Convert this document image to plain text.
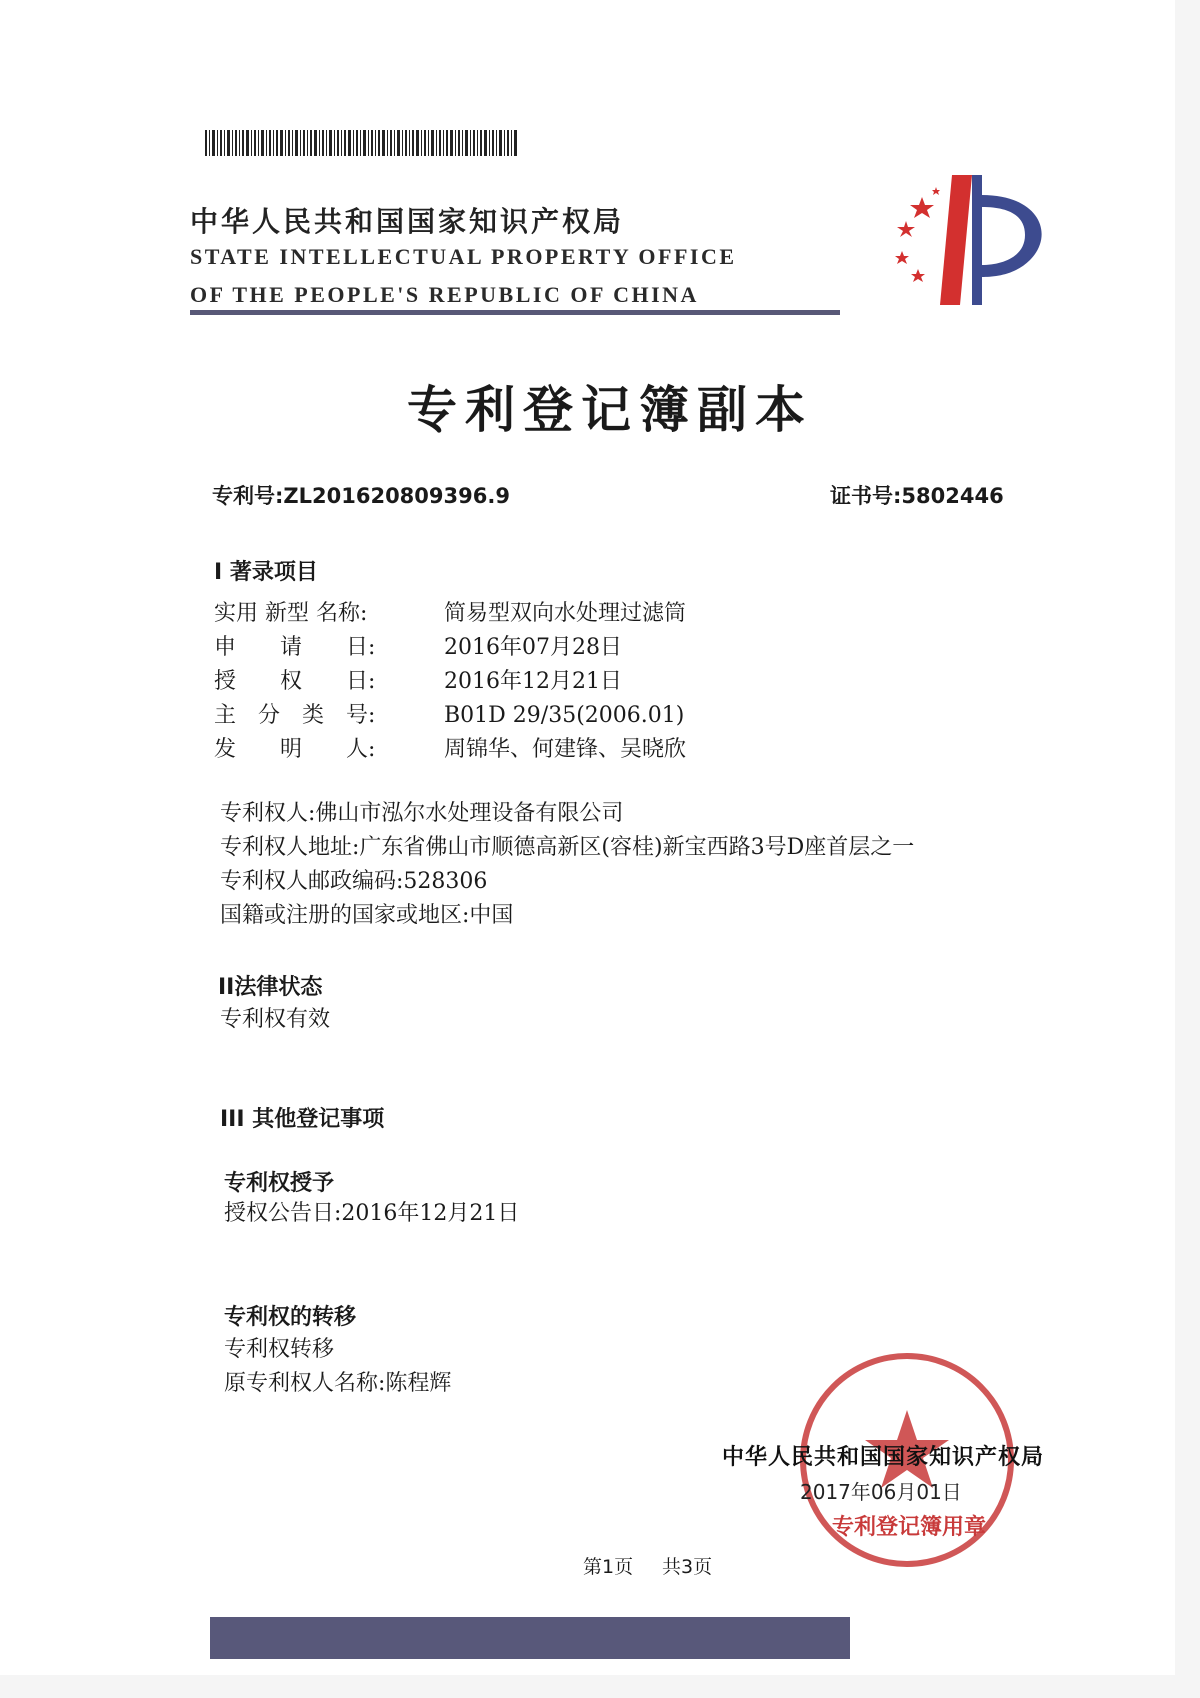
中华人民共和国国家知识产权局
STATE INTELLECTUAL PROPERTY OFFICE
OF THE PEOPLE'S REPUBLIC OF CHINA
专利登记簿副本
专利号:ZL201620809396.9	证书号:5802446
I 著录项目
实用 新型 名称:	简易型双向水处理过滤筒
申　　请　　日:	2016年07月28日
授　　权　　日:	2016年12月21日
主　分　类　号:	B01D 29/35(2006.01)
发　　明　　人:	周锦华、何建锋、吴晓欣
专利权人:佛山市泓尔水处理设备有限公司
专利权人地址:广东省佛山市顺德高新区(容桂)新宝西路3号D座首层之一
专利权人邮政编码:528306
国籍或注册的国家或地区:中国
II法律状态
专利权有效
III 其他登记事项
专利权授予
授权公告日:2016年12月21日
专利权的转移
专利权转移
原专利权人名称:陈程辉
中华人民共和国国家知识产权局
2017年06月01日
专利登记簿用章
第1页 共3页
